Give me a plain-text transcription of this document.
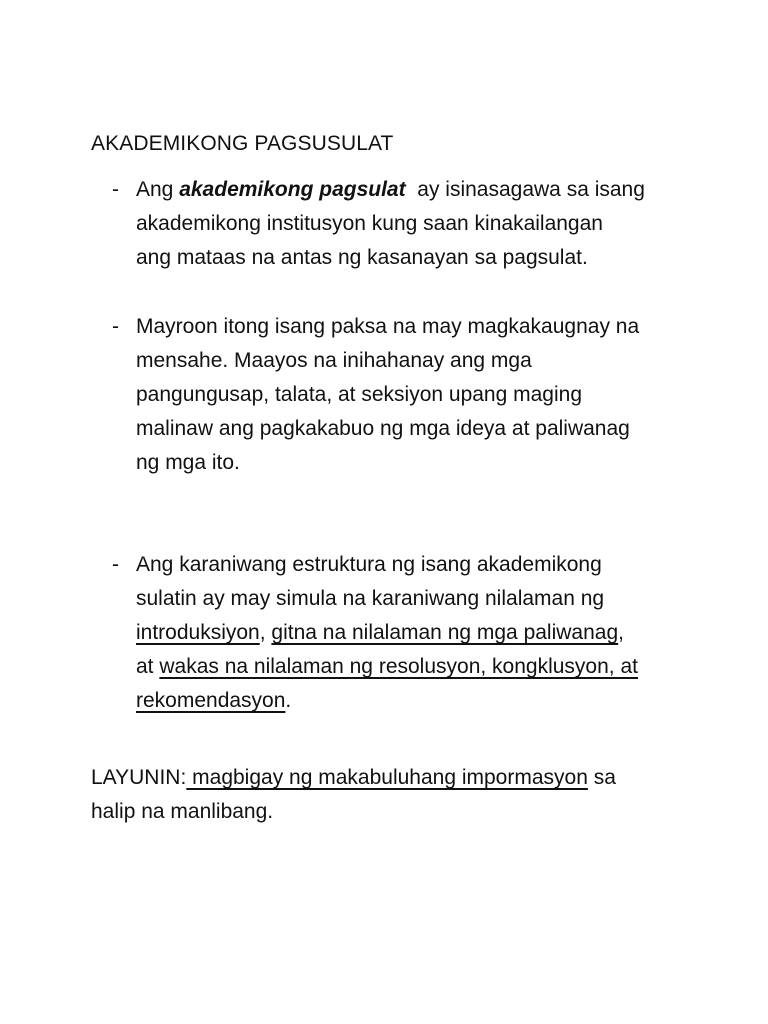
AKADEMIKONG PAGSUSULAT
- Ang akademikong pagsulat  ay isinasagawa sa isang
akademikong institusyon kung saan kinakailangan
ang mataas na antas ng kasanayan sa pagsulat.
- Mayroon itong isang paksa na may magkakaugnay na
mensahe. Maayos na inihahanay ang mga
pangungusap, talata, at seksiyon upang maging
malinaw ang pagkakabuo ng mga ideya at paliwanag
ng mga ito.
- Ang karaniwang estruktura ng isang akademikong
sulatin ay may simula na karaniwang nilalaman ng
introduksiyon, gitna na nilalaman ng mga paliwanag,
at wakas na nilalaman ng resolusyon, kongklusyon, at
rekomendasyon.
LAYUNIN: magbigay ng makabuluhang impormasyon sa
halip na manlibang.
